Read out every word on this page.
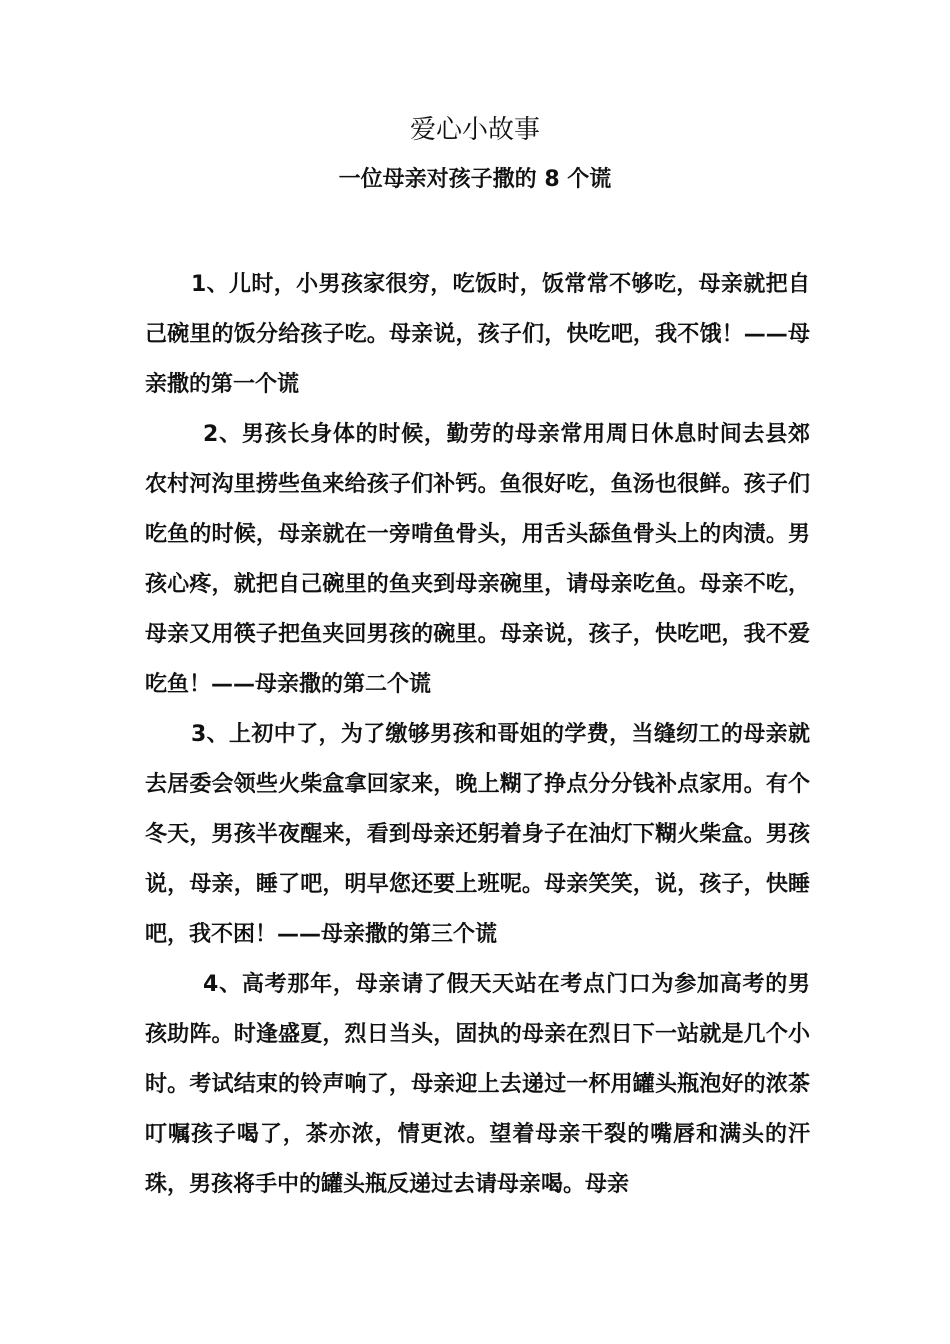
爱心小故事
一位母亲对孩子撒的 8 个谎

1、儿时，小男孩家很穷，吃饭时，饭常常不够吃，母亲就把自己碗里的饭分给孩子吃。母亲说，孩子们，快吃吧，我不饿！——母亲撒的第一个谎

2、男孩长身体的时候，勤劳的母亲常用周日休息时间去县郊农村河沟里捞些鱼来给孩子们补钙。鱼很好吃，鱼汤也很鲜。孩子们吃鱼的时候，母亲就在一旁啃鱼骨头，用舌头舔鱼骨头上的肉渍。男孩心疼，就把自己碗里的鱼夹到母亲碗里，请母亲吃鱼。母亲不吃，母亲又用筷子把鱼夹回男孩的碗里。母亲说，孩子，快吃吧，我不爱吃鱼！——母亲撒的第二个谎

3、上初中了，为了缴够男孩和哥姐的学费，当缝纫工的母亲就去居委会领些火柴盒拿回家来，晚上糊了挣点分分钱补点家用。有个冬天，男孩半夜醒来，看到母亲还躬着身子在油灯下糊火柴盒。男孩说，母亲，睡了吧，明早您还要上班呢。母亲笑笑，说，孩子，快睡吧，我不困！——母亲撒的第三个谎

4、高考那年，母亲请了假天天站在考点门口为参加高考的男孩助阵。时逢盛夏，烈日当头，固执的母亲在烈日下一站就是几个小时。考试结束的铃声响了，母亲迎上去递过一杯用罐头瓶泡好的浓茶叮嘱孩子喝了，茶亦浓，情更浓。望着母亲干裂的嘴唇和满头的汗珠，男孩将手中的罐头瓶反递过去请母亲喝。母亲
